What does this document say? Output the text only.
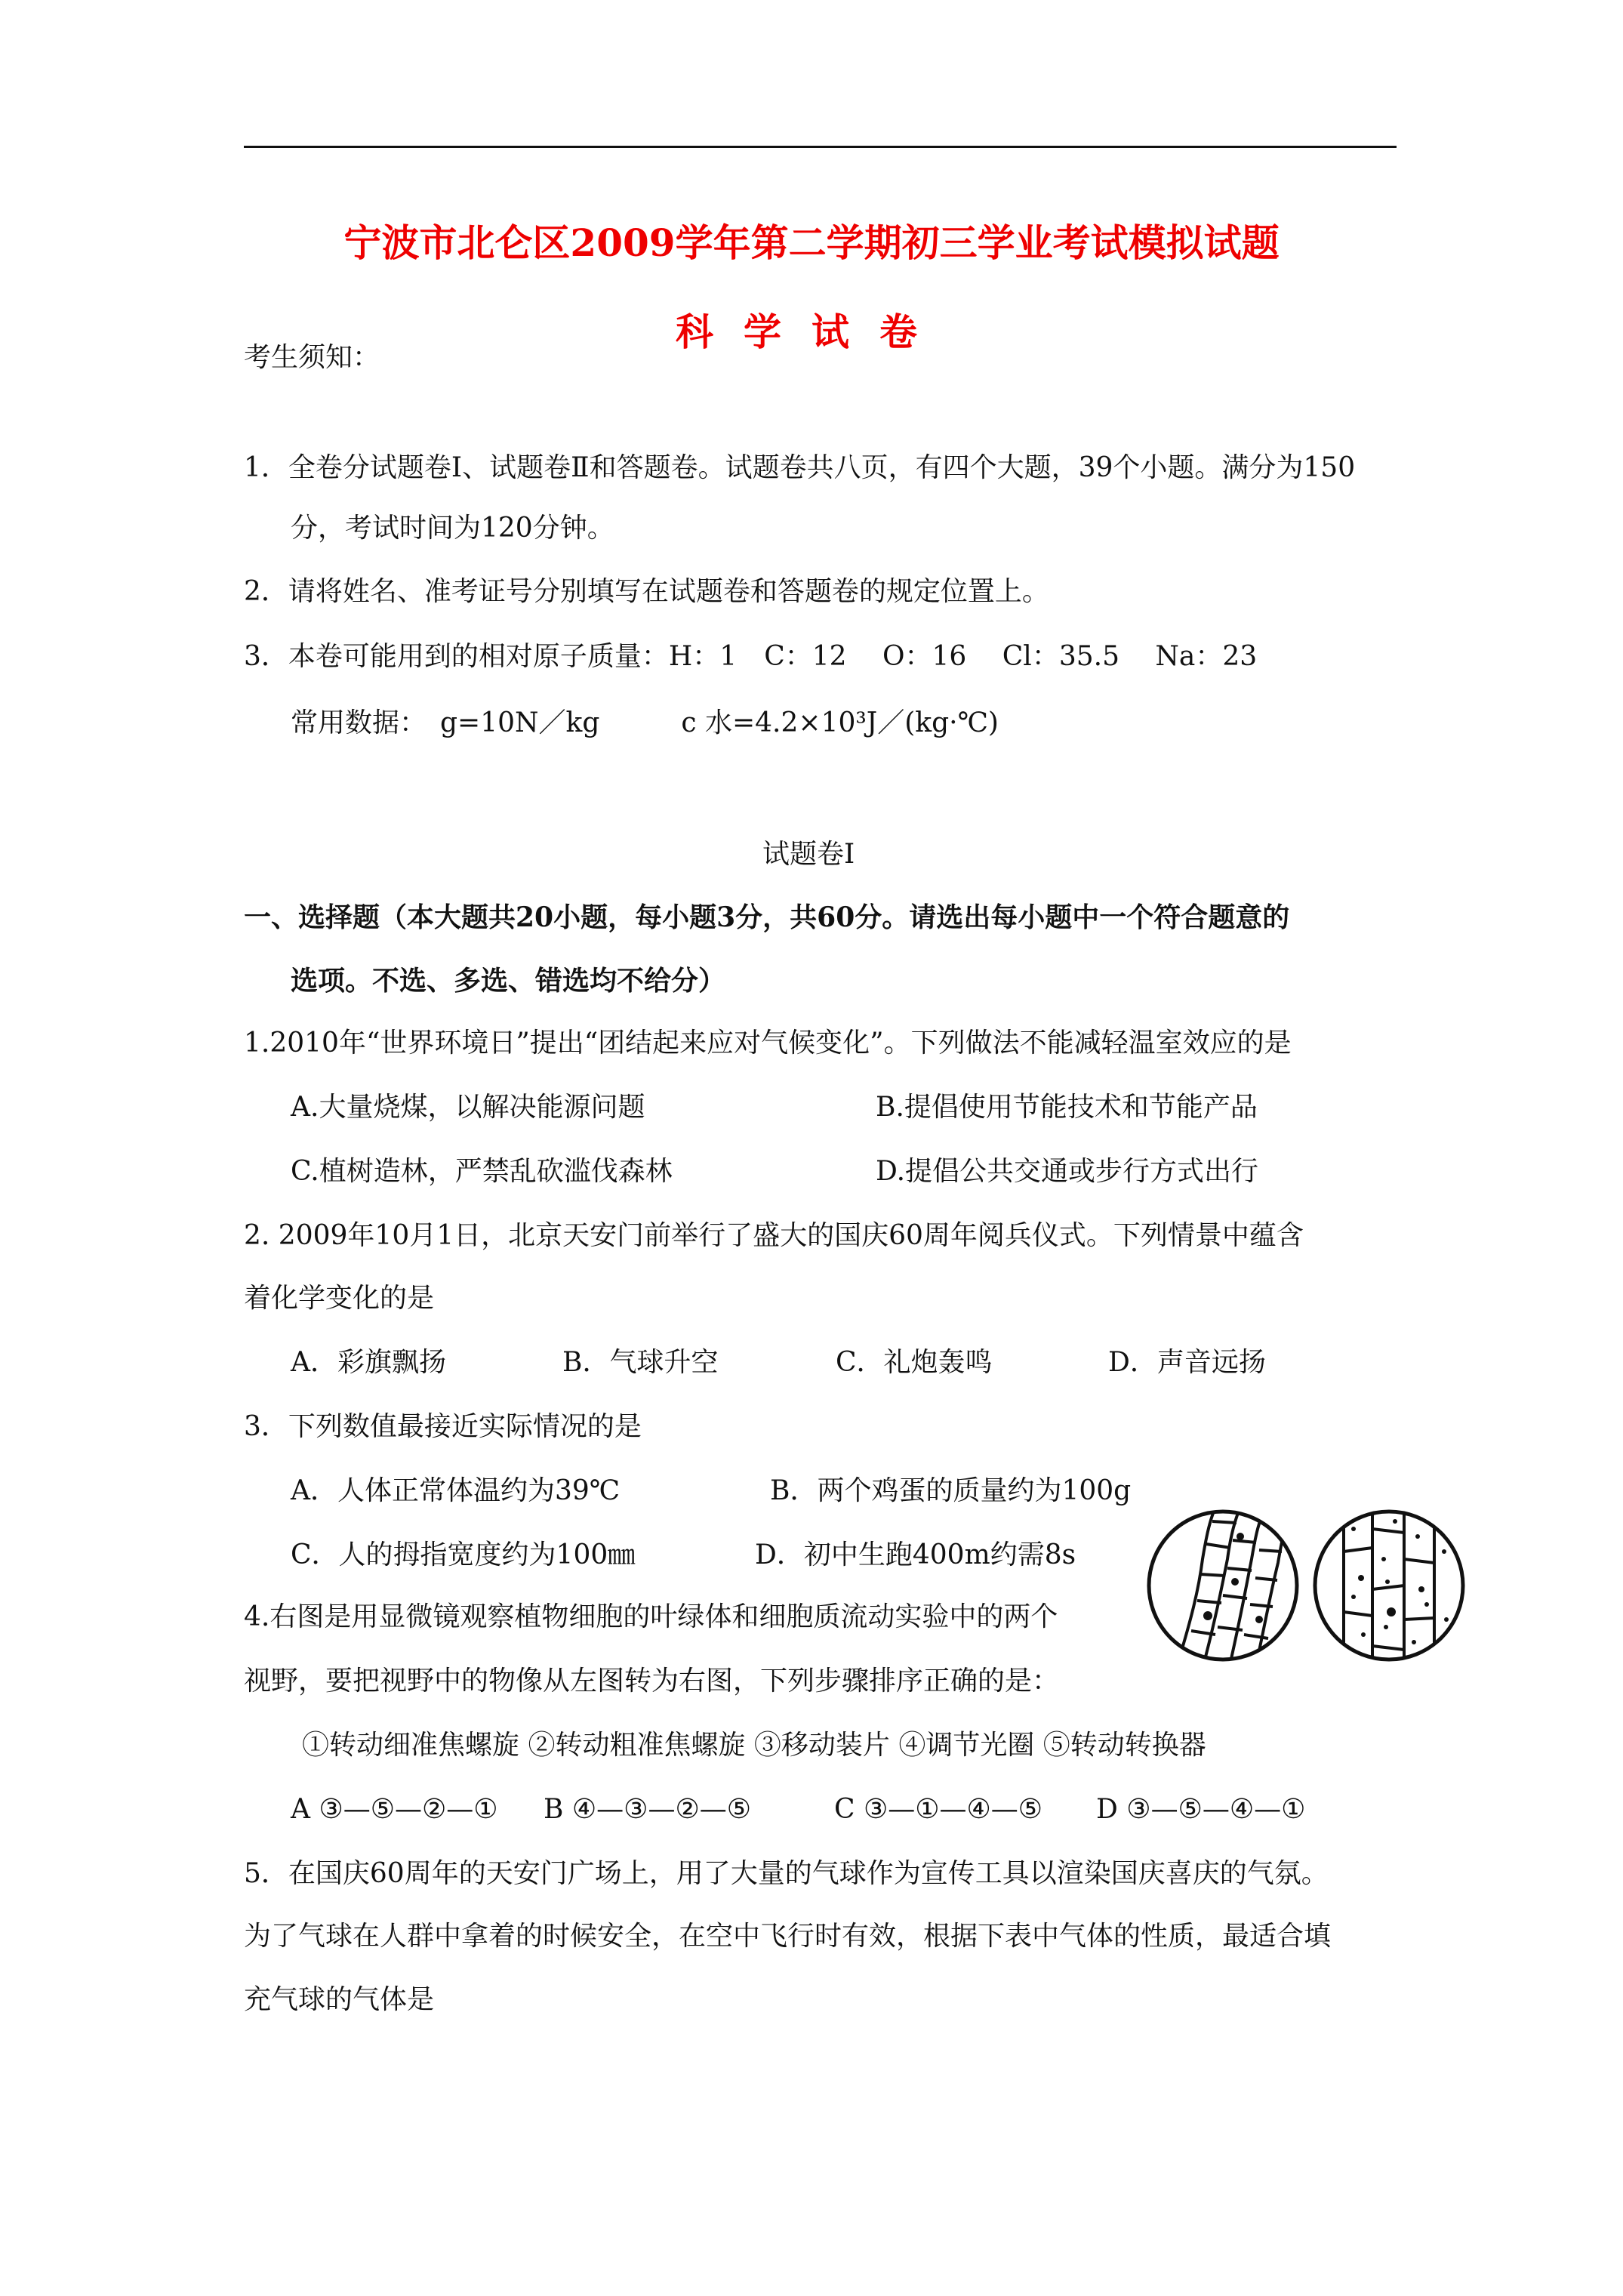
宁波市北仑区2009学年第二学期初三学业考试模拟试题
科学试卷
考生须知：
1．全卷分试题卷Ⅰ、试题卷Ⅱ和答题卷。试题卷共八页，有四个大题，39个小题。满分为150
分，考试时间为120分钟。
2．请将姓名、准考证号分别填写在试题卷和答题卷的规定位置上。
3．本卷可能用到的相对原子质量：H：1　C：12　 O：16　 Cl：35.5　 Na：23
常用数据：　g=10N／kg　　　c 水=4.2×10³J／(kg·℃)
试题卷Ⅰ
一、选择题（本大题共20小题，每小题3分，共60分。请选出每小题中一个符合题意的
选项。不选、多选、错选均不给分）
1.2010年“世界环境日”提出“团结起来应对气候变化”。下列做法不能减轻温室效应的是
A.大量烧煤，以解决能源问题	B.提倡使用节能技术和节能产品
C.植树造林，严禁乱砍滥伐森林	D.提倡公共交通或步行方式出行
2. 2009年10月1日，北京天安门前举行了盛大的国庆60周年阅兵仪式。下列情景中蕴含
着化学变化的是
A．彩旗飘扬	B．气球升空	C．礼炮轰鸣	D．声音远扬
3．下列数值最接近实际情况的是
A．人体正常体温约为39℃	B．两个鸡蛋的质量约为100g
C．人的拇指宽度约为100㎜	D．初中生跑400m约需8s
4.右图是用显微镜观察植物细胞的叶绿体和细胞质流动实验中的两个
视野，要把视野中的物像从左图转为右图，下列步骤排序正确的是：
①转动细准焦螺旋 ②转动粗准焦螺旋 ③移动装片 ④调节光圈 ⑤转动转换器
A ③—⑤—②—① B ④—③—②—⑤	C ③—①—④—⑤ D ③—⑤—④—①
5．在国庆60周年的天安门广场上，用了大量的气球作为宣传工具以渲染国庆喜庆的气氛。
为了气球在人群中拿着的时候安全，在空中飞行时有效，根据下表中气体的性质，最适合填
充气球的气体是
